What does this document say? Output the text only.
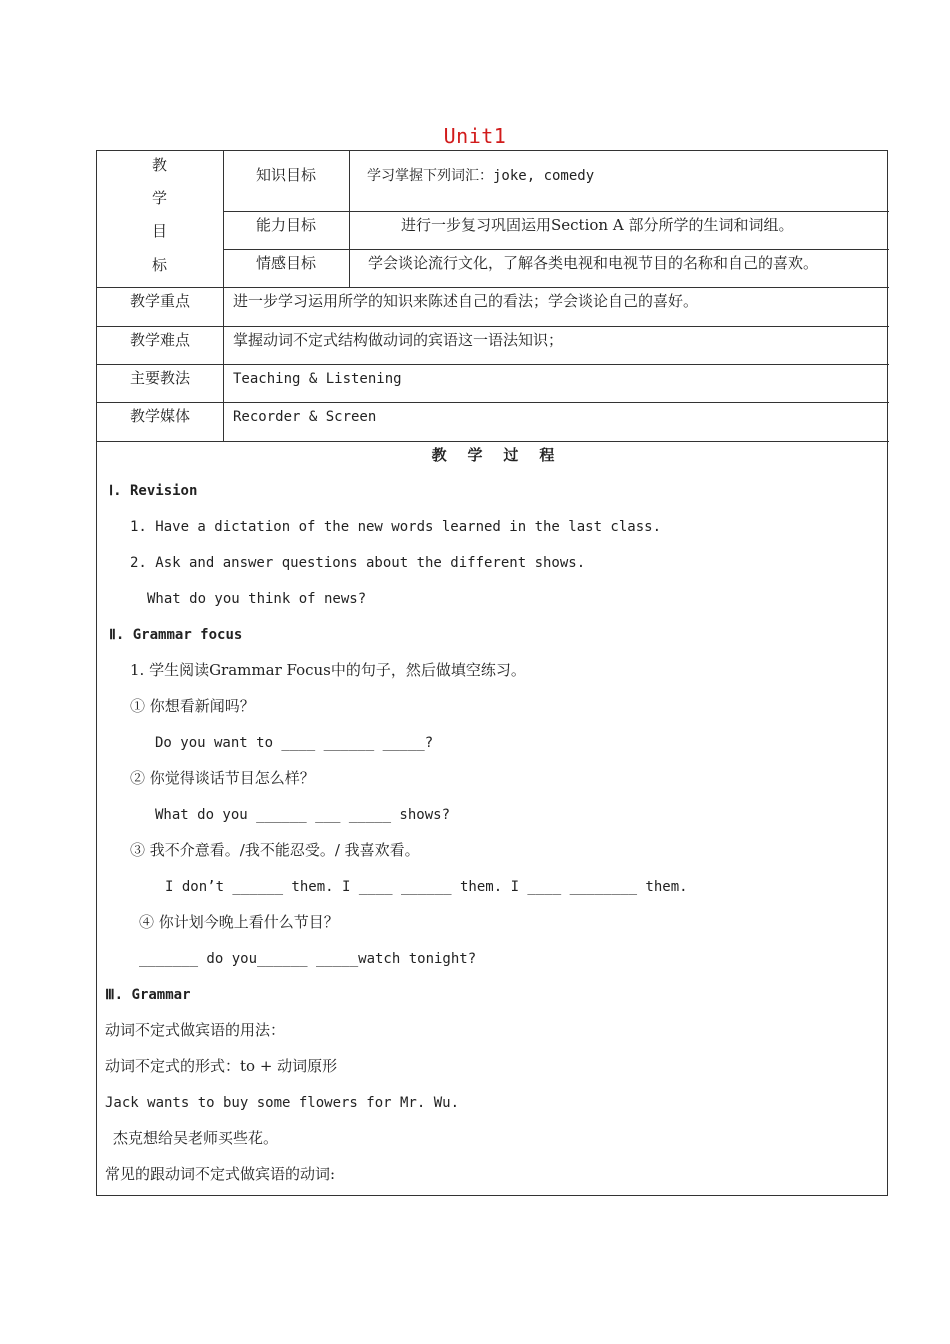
Unit1
教
学
目
标
知识目标	学习掌握下列词汇：joke, comedy
能力目标	进行一步复习巩固运用Section A 部分所学的生词和词组。
情感目标	学会谈论流行文化，了解各类电视和电视节目的名称和自己的喜欢。
教学重点	进一步学习运用所学的知识来陈述自己的看法；学会谈论自己的喜好。
教学难点	掌握动词不定式结构做动词的宾语这一语法知识；
主要教法	Teaching & Listening
教学媒体	Recorder & Screen
教    学    过    程
Ⅰ. Revision
1. Have a dictation of the new words learned in the last class.
2. Ask and answer questions about the different shows.
What do you think of news?
Ⅱ. Grammar focus
1. 学生阅读Grammar Focus中的句子，然后做填空练习。
① 你想看新闻吗？
Do you want to ____ ______ _____?
② 你觉得谈话节目怎么样？
What do you ______ ___ _____ shows?
③ 我不介意看。/我不能忍受。/ 我喜欢看。
I don’t ______ them. I ____ ______ them. I ____ ________ them.
④ 你计划今晚上看什么节目？
_______ do you______ _____watch tonight?
Ⅲ. Grammar
动词不定式做宾语的用法：
动词不定式的形式：to + 动词原形
Jack wants to buy some flowers for Mr. Wu.
杰克想给吴老师买些花。
常见的跟动词不定式做宾语的动词:
